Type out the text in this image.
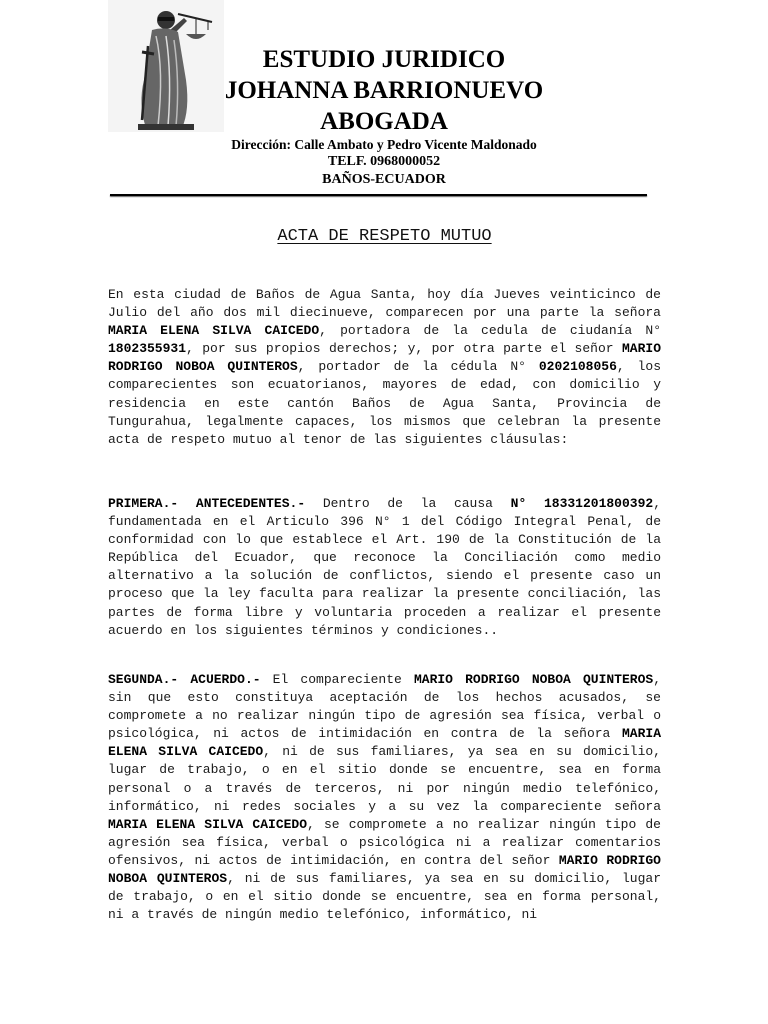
ESTUDIO JURIDICO
JOHANNA BARRIONUEVO
ABOGADA
Dirección: Calle Ambato y Pedro Vicente Maldonado
TELF. 0968000052
BAÑOS-ECUADOR
ACTA DE RESPETO MUTUO
En esta ciudad de Baños de Agua Santa, hoy día Jueves veinticinco de Julio del año dos mil diecinueve, comparecen por una parte la señora MARIA ELENA SILVA CAICEDO, portadora de la cedula de ciudanía N° 1802355931, por sus propios derechos; y, por otra parte el señor MARIO RODRIGO NOBOA QUINTEROS, portador de la cédula N° 0202108056, los comparecientes son ecuatorianos, mayores de edad, con domicilio y residencia en este cantón Baños de Agua Santa, Provincia de Tungurahua, legalmente capaces, los mismos que celebran la presente acta de respeto mutuo al tenor de las siguientes cláusulas:
PRIMERA.- ANTECEDENTES.- Dentro de la causa N° 18331201800392, fundamentada en el Articulo 396 N° 1 del Código Integral Penal, de conformidad con lo que establece el Art. 190 de la Constitución de la República del Ecuador, que reconoce la Conciliación como medio alternativo a la solución de conflictos, siendo el presente caso un proceso que la ley faculta para realizar la presente conciliación, las partes de forma libre y voluntaria proceden a realizar el presente acuerdo en los siguientes términos y condiciones..
SEGUNDA.- ACUERDO.- El compareciente MARIO RODRIGO NOBOA QUINTEROS, sin que esto constituya aceptación de los hechos acusados, se compromete a no realizar ningún tipo de agresión sea física, verbal o psicológica, ni actos de intimidación en contra de la señora MARIA ELENA SILVA CAICEDO, ni de sus familiares, ya sea en su domicilio, lugar de trabajo, o en el sitio donde se encuentre, sea en forma personal o a través de terceros, ni por ningún medio telefónico, informático, ni redes sociales y a su vez la compareciente señora MARIA ELENA SILVA CAICEDO, se compromete a no realizar ningún tipo de agresión sea física, verbal o psicológica ni a realizar comentarios ofensivos, ni actos de intimidación, en contra del señor MARIO RODRIGO NOBOA QUINTEROS, ni de sus familiares, ya sea en su domicilio, lugar de trabajo, o en el sitio donde se encuentre, sea en forma personal, ni a través de ningún medio telefónico, informático, ni
